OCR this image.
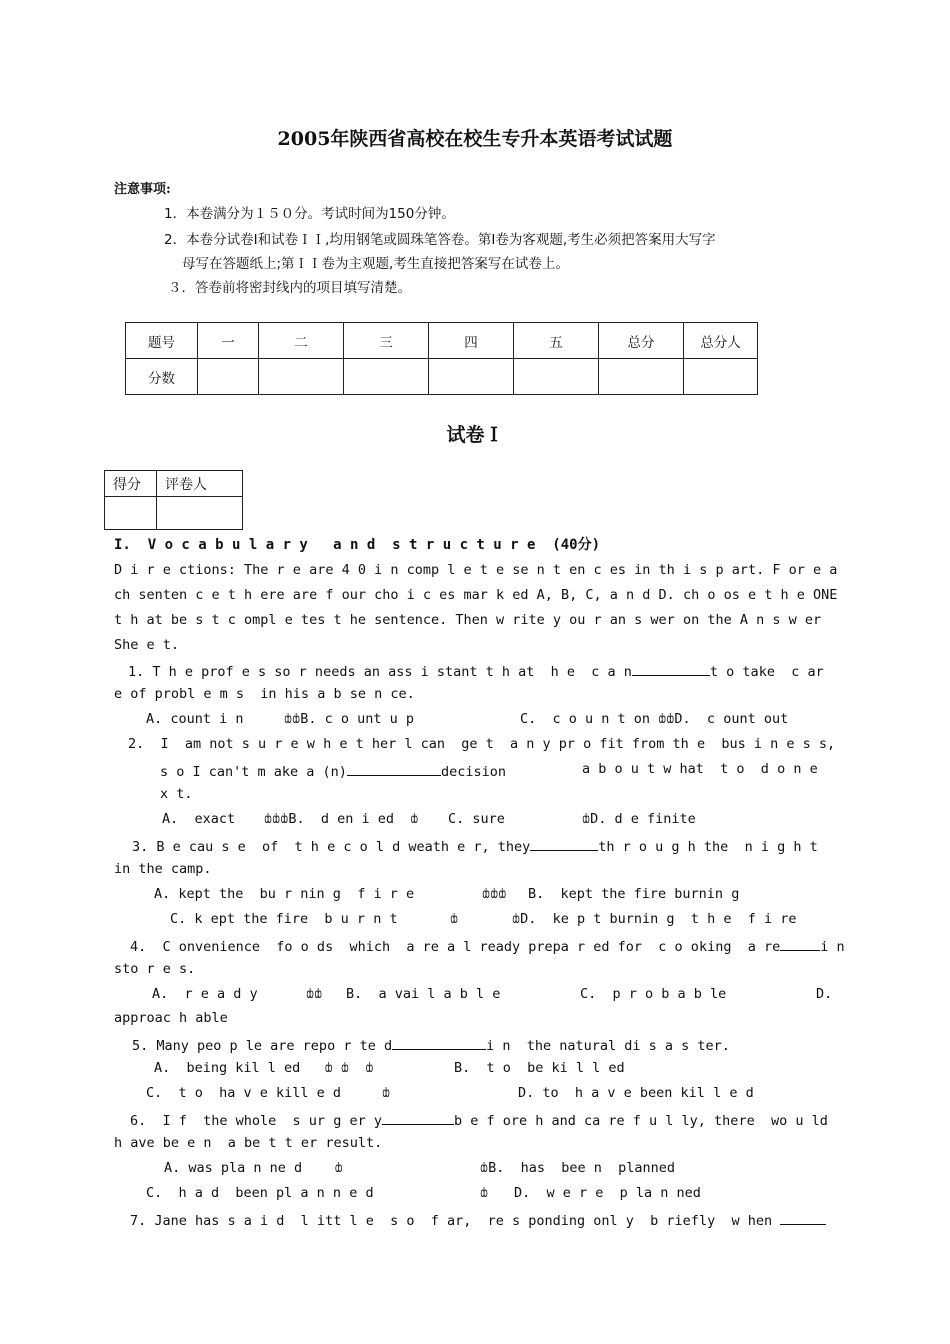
2005年陕西省高校在校生专升本英语考试试题
注意事项:
1．本卷满分为１５０分。考试时间为150分钟。
2．本卷分试卷I和试卷ＩＩ,均用钢笔或圆珠笔答卷。第I卷为客观题,考生必须把答案用大写字
母写在答题纸上;第ＩＩ卷为主观题,考生直接把答案写在试卷上。
３．答卷前将密封线内的项目填写清楚。
题号	一	二	三	四	五	总分	总分人
分数							
试卷Ｉ
得分	评卷人

I.  V o c a b u l a r y   a n d  s t r u c t u r e  (40分)
D i r e ctions: The r e are 4 0 i n comp l e t e se n t en c es in th i s p art. F or e a ch senten c e t h ere are f our cho i c es mar k ed A, B, C, a n d D. ch o os e t h e ONE t h at be s t c ompl e tes t he sentence. Then w rite y ou r an s wer on the A n s w er She e t.
1. T h e prof e s so r needs an ass i stant t h at  h e  c a n	t o take  c ar
e of probl e m s  in his a b se n ce.
A. count i n	ȸȸB. c o unt u p	C.  c o u n t on ȸȸD.  c ount out
2.  I  am not s u r e w h e t her l can  ge t  a n y pr o fit from th e  bus i n e s s,
s o I can't m ake a (n)	decision	a b o u t w hat  t o  d o n e
x t.
A.  exact ȸȸȸB.  d en i ed  ȸ C. sure	ȸD. d e finite
3. B e cau s e  of  t h e c o l d weath e r, they	th r o u g h the  n i g h t
in the camp.
A. kept the  bu r nin g  f i r e	ȸȸȸ B.  kept the fire burnin g
C. k ept the fire  b u r n t	ȸ	ȸD.  ke p t burnin g  t h e  f i re
4.  C onvenience  fo o ds  which  a re a l ready prepa r ed for  c o oking  a re	i n
sto r e s.
A.  r e a d y	ȸȸ B.  a vai l a b l e	C.  p r o b a b le	D.
approac h able
5. Many peo p le are repo r te d	i n  the natural di s a s ter.
A.  being kil l ed   ȸ ȸ  ȸ	B.  t o  be ki l l ed
C.  t o  ha v e kill e d	ȸ	D. to  h a v e been kil l e d
6.  I f  the whole  s ur g er y	b e f ore h and ca re f u l ly, there  wo u ld
h ave be e n  a be t t er result.
A. was pla n ne d    ȸ	ȸB.  has  bee n  planned
C.  h a d  been pl a n n e d	ȸ D.  w e r e  p la n ned
7. Jane has s a i d  l itt l e  s o  f ar,  re s ponding onl y  b riefly  w hen
